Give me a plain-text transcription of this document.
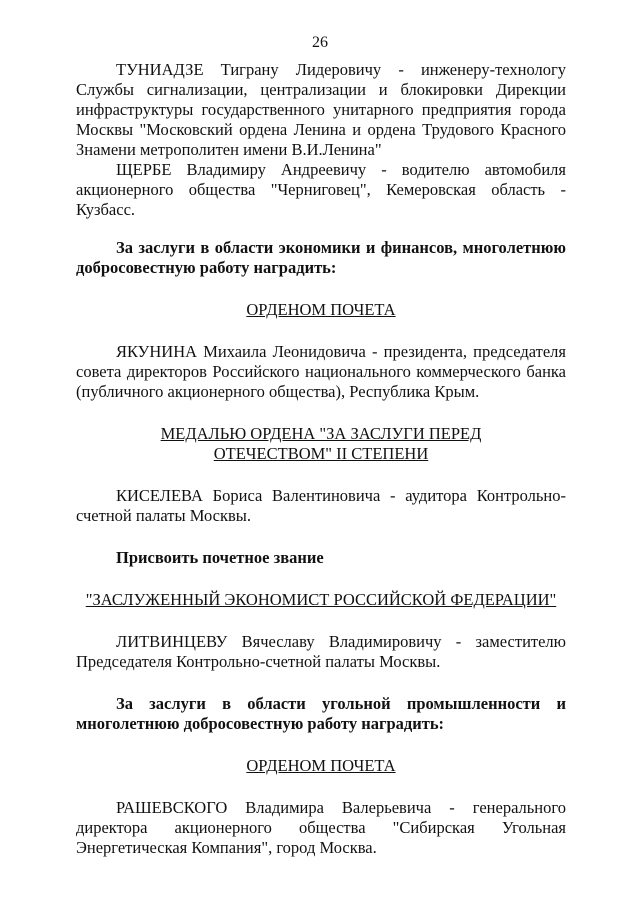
26

ТУНИАДЗЕ Тиграну Лидеровичу - инженеру-технологу Службы сигнализации, централизации и блокировки Дирекции инфраструктуры государственного унитарного предприятия города Москвы "Московский ордена Ленина и ордена Трудового Красного Знамени метрополитен имени В.И.Ленина"

ЩЕРБЕ Владимиру Андреевичу - водителю автомобиля акционерного общества "Черниговец", Кемеровская область - Кузбасс.

За заслуги в области экономики и финансов, многолетнюю добросовестную работу наградить:

ОРДЕНОМ ПОЧЕТА

ЯКУНИНА Михаила Леонидовича - президента, председателя совета директоров Российского национального коммерческого банка (публичного акционерного общества), Республика Крым.

МЕДАЛЬЮ ОРДЕНА "ЗА ЗАСЛУГИ ПЕРЕД ОТЕЧЕСТВОМ" II СТЕПЕНИ

КИСЕЛЕВА Бориса Валентиновича - аудитора Контрольно-счетной палаты Москвы.

Присвоить почетное звание

"ЗАСЛУЖЕННЫЙ ЭКОНОМИСТ РОССИЙСКОЙ ФЕДЕРАЦИИ"

ЛИТВИНЦЕВУ Вячеславу Владимировичу - заместителю Председателя Контрольно-счетной палаты Москвы.

За заслуги в области угольной промышленности и многолетнюю добросовестную работу наградить:

ОРДЕНОМ ПОЧЕТА

РАШЕВСКОГО Владимира Валерьевича - генерального директора акционерного общества "Сибирская Угольная Энергетическая Компания", город Москва.
